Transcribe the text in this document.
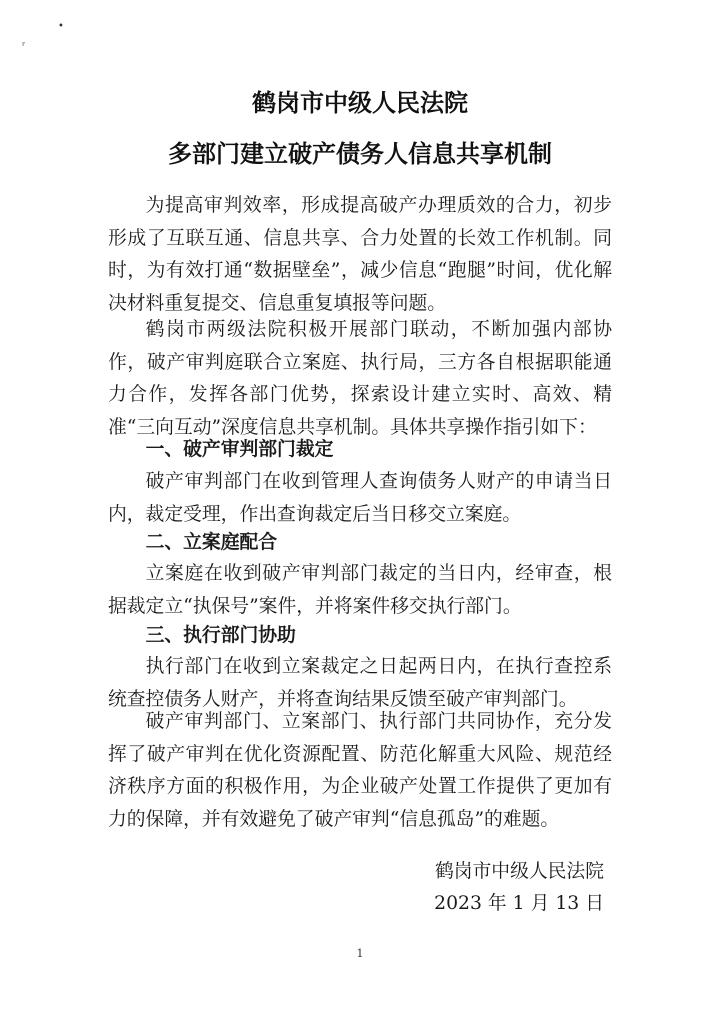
•
ʳ
鹤岗市中级人民法院
多部门建立破产债务人信息共享机制

为提高审判效率，形成提高破产办理质效的合力，初步形成了互联互通、信息共享、合力处置的长效工作机制。同时，为有效打通“数据壁垒”，减少信息“跑腿”时间，优化解决材料重复提交、信息重复填报等问题。

鹤岗市两级法院积极开展部门联动，不断加强内部协作，破产审判庭联合立案庭、执行局，三方各自根据职能通力合作，发挥各部门优势，探索设计建立实时、高效、精准“三向互动”深度信息共享机制。具体共享操作指引如下：

一、破产审判部门裁定

破产审判部门在收到管理人查询债务人财产的申请当日内，裁定受理，作出查询裁定后当日移交立案庭。

二、立案庭配合

立案庭在收到破产审判部门裁定的当日内，经审查，根据裁定立“执保号”案件，并将案件移交执行部门。

三、执行部门协助

执行部门在收到立案裁定之日起两日内，在执行查控系统查控债务人财产，并将查询结果反馈至破产审判部门。

破产审判部门、立案部门、执行部门共同协作，充分发挥了破产审判在优化资源配置、防范化解重大风险、规范经济秩序方面的积极作用，为企业破产处置工作提供了更加有力的保障，并有效避免了破产审判“信息孤岛”的难题。

鹤岗市中级人民法院
2023 年 1 月 13 日
1
